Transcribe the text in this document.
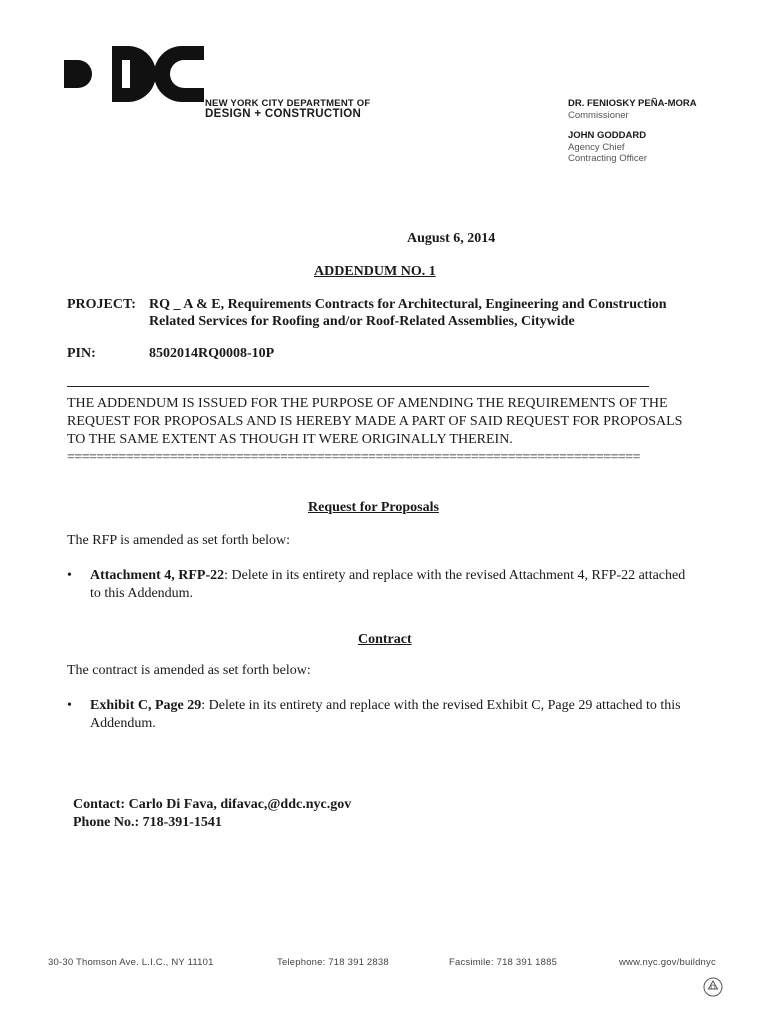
NEW YORK CITY DEPARTMENT OF
DESIGN + CONSTRUCTION
DR. FENIOSKY PEÑA-MORA
Commissioner
JOHN GODDARD
Agency Chief
Contracting Officer
August 6, 2014
ADDENDUM NO. 1
PROJECT: RQ _ A & E, Requirements Contracts for Architectural, Engineering and Construction
Related Services for Roofing and/or Roof-Related Assemblies, Citywide
PIN:	8502014RQ0008-10P
THE ADDENDUM IS ISSUED FOR THE PURPOSE OF AMENDING THE REQUIREMENTS OF THE REQUEST FOR PROPOSALS AND IS HEREBY MADE A PART OF SAID REQUEST FOR PROPOSALS TO THE SAME EXTENT AS THOUGH IT WERE ORIGINALLY THEREIN.
==============================================================================
Request for Proposals
The RFP is amended as set forth below:
•	Attachment 4, RFP-22: Delete in its entirety and replace with the revised Attachment 4, RFP-22 attached to this Addendum.
Contract
The contract is amended as set forth below:
•	Exhibit C, Page 29: Delete in its entirety and replace with the revised Exhibit C, Page 29 attached to this Addendum.
Contact: Carlo Di Fava, difavac,@ddc.nyc.gov
Phone No.: 718-391-1541
30-30 Thomson Ave. L.I.C., NY 11101	Telephone: 718 391 2838	Facsimile: 718 391 1885	www.nyc.gov/buildnyc
